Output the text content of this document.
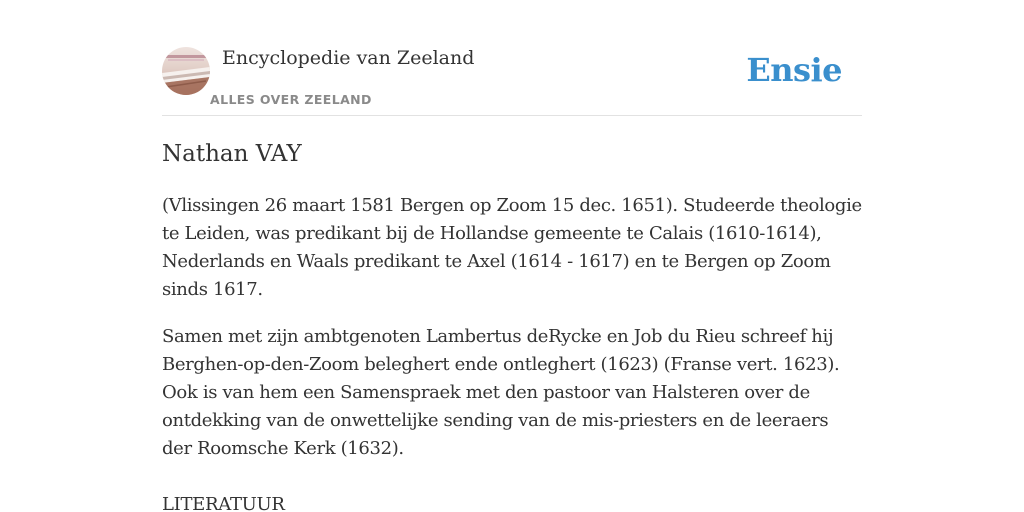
Encyclopedie van Zeeland
ALLES OVER ZEELAND
Ensie
Nathan VAY

(Vlissingen 26 maart 1581 Bergen op Zoom 15 dec. 1651). Studeerde theologie te Leiden, was predikant bij de Hollandse gemeente te Calais (1610-1614), Nederlands en Waals predikant te Axel (1614 - 1617) en te Bergen op Zoom sinds 1617.

Samen met zijn ambtgenoten Lambertus deRycke en Job du Rieu schreef hij Berghen-op-den-Zoom beleghert ende ontleghert (1623) (Franse vert. 1623). Ook is van hem een Samenspraek met den pastoor van Halsteren over de ontdekking van de onwettelijke sending van de mis-priesters en de leeraers der Roomsche Kerk (1632).

LITERATUUR
